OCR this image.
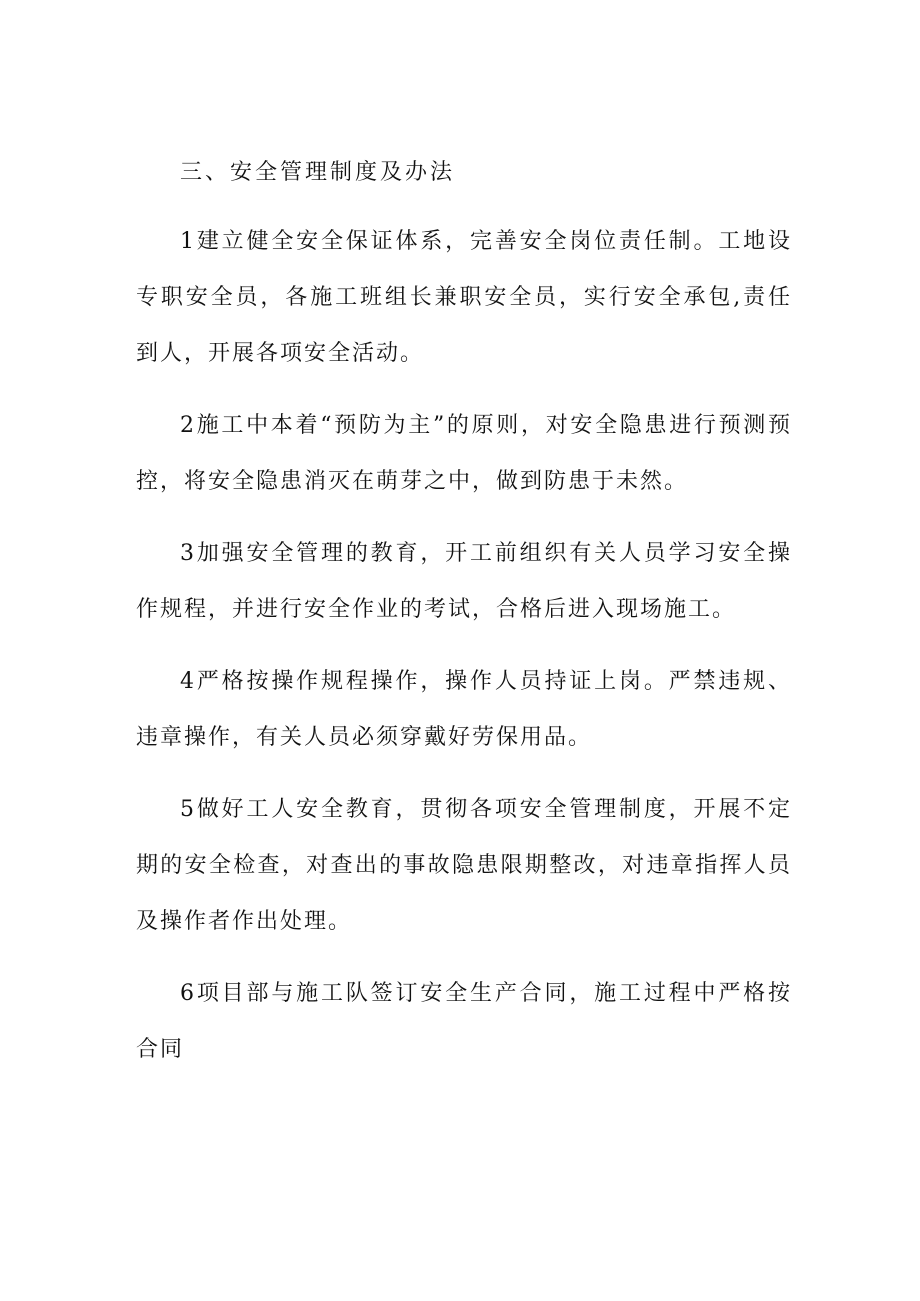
三、安全管理制度及办法

1建立健全安全保证体系，完善安全岗位责任制。工地设专职安全员，各施工班组长兼职安全员，实行安全承包,责任到人，开展各项安全活动。

2施工中本着“预防为主”的原则，对安全隐患进行预测预控，将安全隐患消灭在萌芽之中，做到防患于未然。

3加强安全管理的教育，开工前组织有关人员学习安全操作规程，并进行安全作业的考试，合格后进入现场施工。

4严格按操作规程操作，操作人员持证上岗。严禁违规、违章操作，有关人员必须穿戴好劳保用品。

5做好工人安全教育，贯彻各项安全管理制度，开展不定期的安全检查，对查出的事故隐患限期整改，对违章指挥人员及操作者作出处理。

6项目部与施工队签订安全生产合同，施工过程中严格按合同
